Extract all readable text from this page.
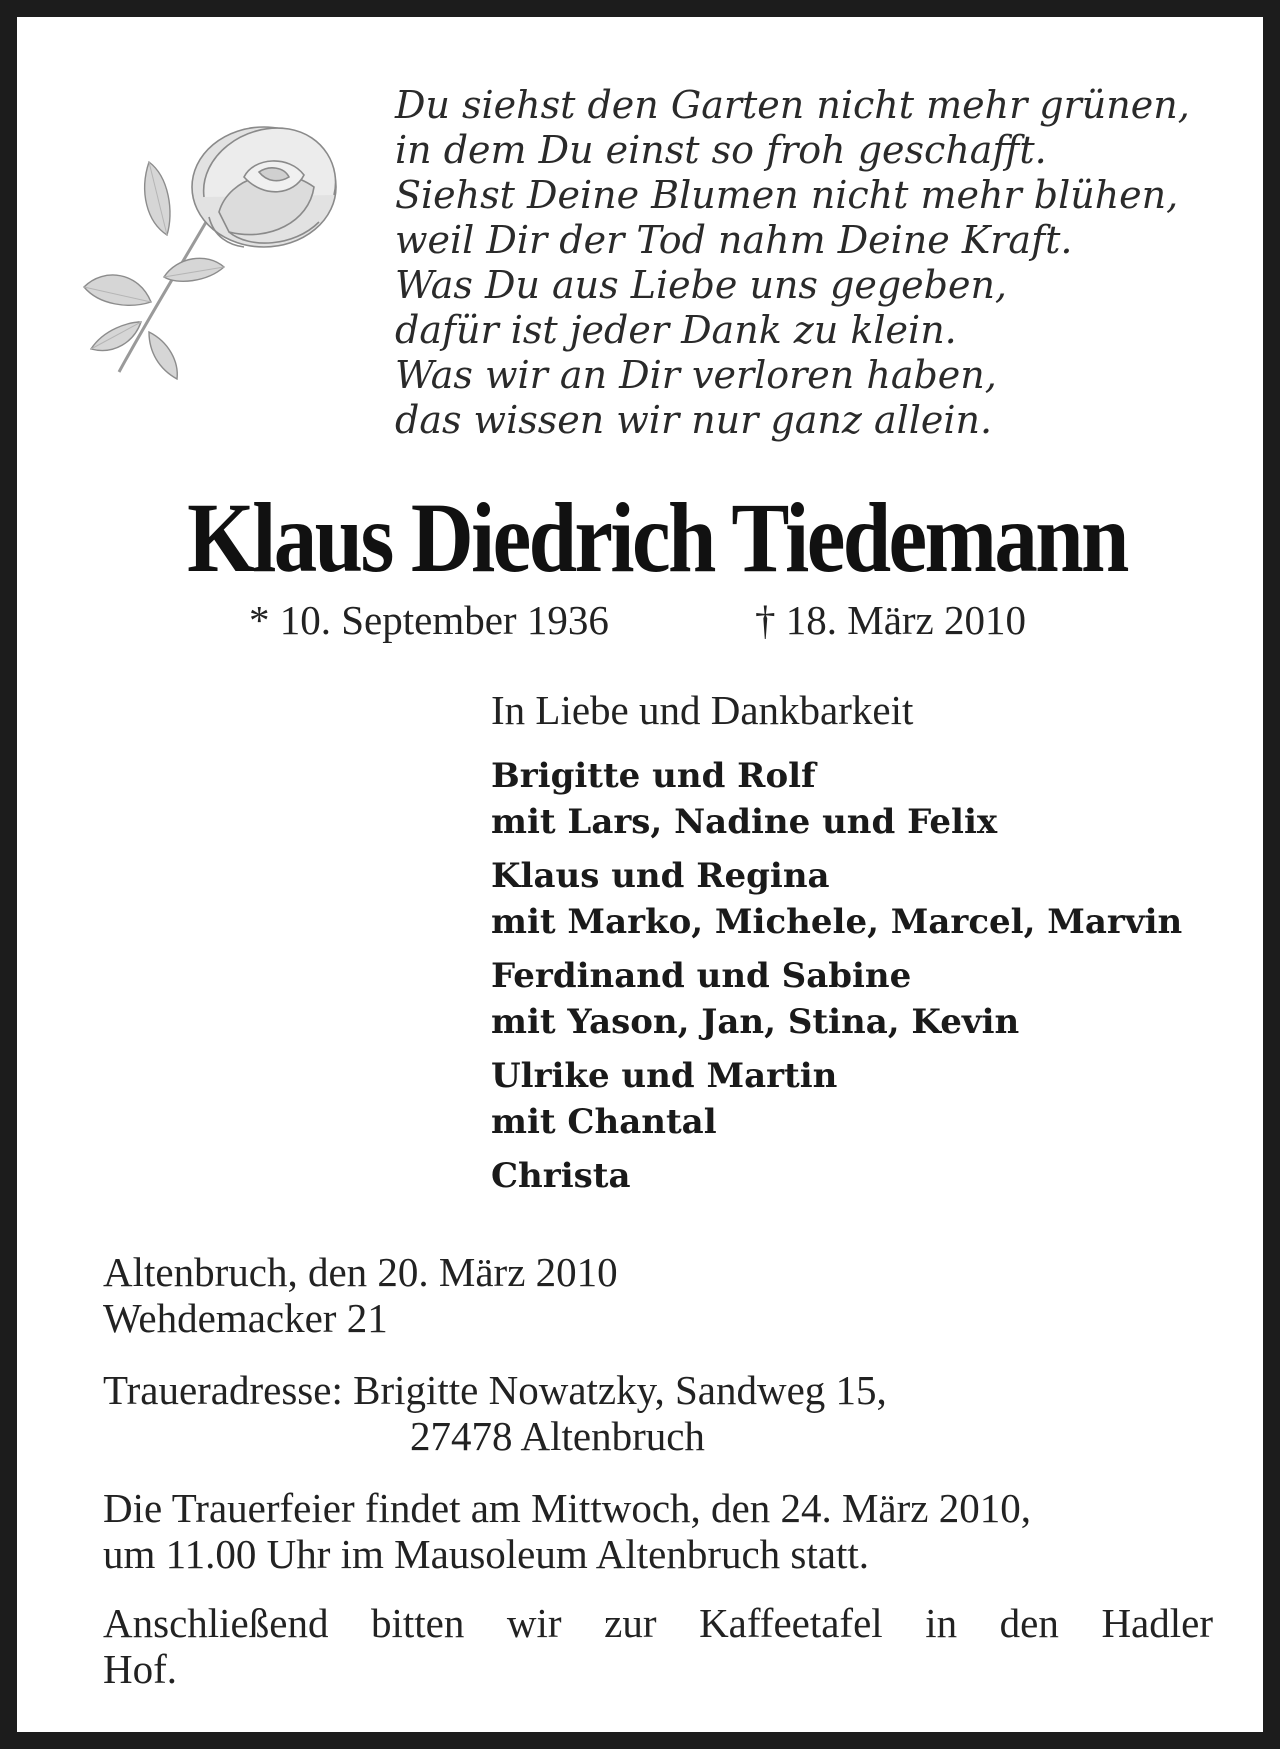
Du siehst den Garten nicht mehr grünen,
in dem Du einst so froh geschafft.
Siehst Deine Blumen nicht mehr blühen,
weil Dir der Tod nahm Deine Kraft.
Was Du aus Liebe uns gegeben,
dafür ist jeder Dank zu klein.
Was wir an Dir verloren haben,
das wissen wir nur ganz allein.
Klaus Diedrich Tiedemann
* 10. September 1936	† 18. März 2010
In Liebe und Dankbarkeit
Brigitte und Rolf
mit Lars, Nadine und Felix
Klaus und Regina
mit Marko, Michele, Marcel, Marvin
Ferdinand und Sabine
mit Yason, Jan, Stina, Kevin
Ulrike und Martin
mit Chantal
Christa
Altenbruch, den 20. März 2010
Wehdemacker 21
Traueradresse: Brigitte Nowatzky, Sandweg 15,
27478 Altenbruch
Die Trauerfeier findet am Mittwoch, den 24. März 2010,
um 11.00 Uhr im Mausoleum Altenbruch statt.
Anschließend bitten wir zur Kaffeetafel in den Hadler
Hof.
